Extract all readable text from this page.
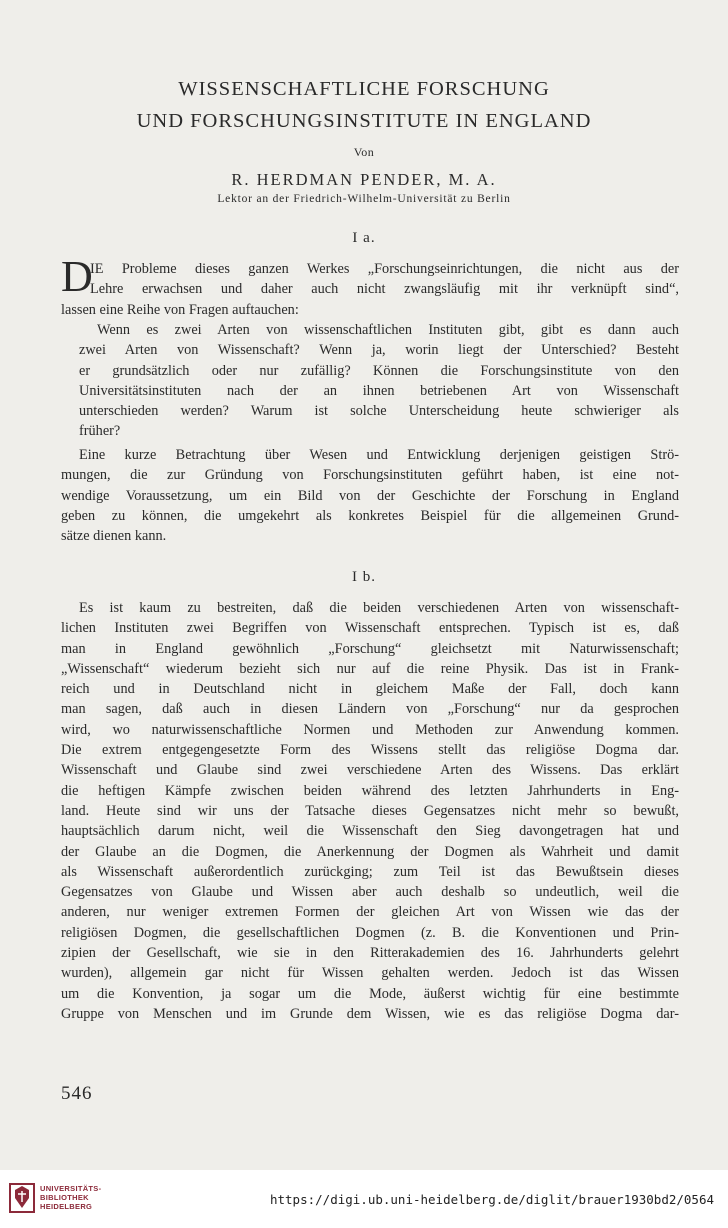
WISSENSCHAFTLICHE FORSCHUNG
UND FORSCHUNGSINSTITUTE IN ENGLAND
Von
R. HERDMAN PENDER, M. A.
Lektor an der Friedrich-Wilhelm-Universität zu Berlin
I a.
D
IE Probleme dieses ganzen Werkes „Forschungseinrichtungen, die nicht aus der
Lehre erwachsen und daher auch nicht zwangsläufig mit ihr verknüpft sind“,
lassen eine Reihe von Fragen auftauchen:
Wenn es zwei Arten von wissenschaftlichen Instituten gibt, gibt es dann auch
zwei Arten von Wissenschaft? Wenn ja, worin liegt der Unterschied? Besteht
er grundsätzlich oder nur zufällig? Können die Forschungsinstitute von den
Universitätsinstituten nach der an ihnen betriebenen Art von Wissenschaft
unterschieden werden? Warum ist solche Unterscheidung heute schwieriger als
früher?
Eine kurze Betrachtung über Wesen und Entwicklung derjenigen geistigen Strö-
mungen, die zur Gründung von Forschungsinstituten geführt haben, ist eine not-
wendige Voraussetzung, um ein Bild von der Geschichte der Forschung in England
geben zu können, die umgekehrt als konkretes Beispiel für die allgemeinen Grund-
sätze dienen kann.
I b.
Es ist kaum zu bestreiten, daß die beiden verschiedenen Arten von wissenschaft-
lichen Instituten zwei Begriffen von Wissenschaft entsprechen. Typisch ist es, daß
man in England gewöhnlich „Forschung“ gleichsetzt mit Naturwissenschaft;
„Wissenschaft“ wiederum bezieht sich nur auf die reine Physik. Das ist in Frank-
reich und in Deutschland nicht in gleichem Maße der Fall, doch kann
man sagen, daß auch in diesen Ländern von „Forschung“ nur da gesprochen
wird, wo naturwissenschaftliche Normen und Methoden zur Anwendung kommen.
Die extrem entgegengesetzte Form des Wissens stellt das religiöse Dogma dar.
Wissenschaft und Glaube sind zwei verschiedene Arten des Wissens. Das erklärt
die heftigen Kämpfe zwischen beiden während des letzten Jahrhunderts in Eng-
land. Heute sind wir uns der Tatsache dieses Gegensatzes nicht mehr so bewußt,
hauptsächlich darum nicht, weil die Wissenschaft den Sieg davongetragen hat und
der Glaube an die Dogmen, die Anerkennung der Dogmen als Wahrheit und damit
als Wissenschaft außerordentlich zurückging; zum Teil ist das Bewußtsein dieses
Gegensatzes von Glaube und Wissen aber auch deshalb so undeutlich, weil die
anderen, nur weniger extremen Formen der gleichen Art von Wissen wie das der
religiösen Dogmen, die gesellschaftlichen Dogmen (z. B. die Konventionen und Prin-
zipien der Gesellschaft, wie sie in den Ritterakademien des 16. Jahrhunderts gelehrt
wurden), allgemein gar nicht für Wissen gehalten werden. Jedoch ist das Wissen
um die Konvention, ja sogar um die Mode, äußerst wichtig für eine bestimmte
Gruppe von Menschen und im Grunde dem Wissen, wie es das religiöse Dogma dar-
546
UNIVERSITÄTS-
BIBLIOTHEK
HEIDELBERG	https://digi.ub.uni-heidelberg.de/diglit/brauer1930bd2/0564
